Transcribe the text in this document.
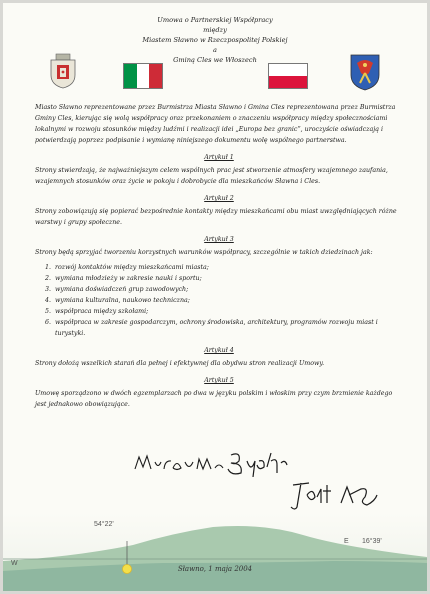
Umowa o Partnerskiej Współpracy

między
Miastem Sławno w Rzeczpospolitej Polskiej
a
Gminą Cles we Włoszech

Miasto Sławno reprezentowane przez Burmistrza Miasta Sławno i Gmina Cles reprezentowana przez Burmistrza Gminy Cles, kierując się wolą współpracy oraz przekonaniem o znaczeniu współpracy między społecznościami lokalnymi w rozwoju stosunków między ludźmi i realizacji idei „Europa bez granic”, uroczyście oświadczają i potwierdzają poprzez podpisanie i wymianę niniejszego dokumentu wolę wspólnego partnerstwa.

Artykuł 1

Strony stwierdzają, że najważniejszym celem wspólnych prac jest stworzenie atmosfery wzajemnego zaufania, wzajemnych stosunków oraz życie w pokoju i dobrobycie dla mieszkańców Sławna i Cles.

Artykuł 2

Strony zobowiązują się popierać bezpośrednie kontakty między mieszkańcami obu miast uwzględniających różne warstwy i grupy społeczne.

Artykuł 3

Strony będą sprzyjać tworzeniu korzystnych warunków współpracy, szczególnie w takich dziedzinach jak:

1. rozwój kontaktów między mieszkańcami miasta;
2. wymiana młodzieży w zakresie nauki i sportu;
3. wymiana doświadczeń grup zawodowych;
4. wymiana kulturalna, naukowo techniczna;
5. współpraca między szkołami;
6. współpraca w zakresie gospodarczym, ochrony środowiska, architektury, programów rozwoju miast i turystyki.
Artykuł 4

Strony dołożą wszelkich starań dla pełnej i efektywnej dla obydwu stron realizacji Umowy.

Artykuł 5

Umowę sporządzono w dwóch egzemplarzach po dwa w języku polskim i włoskim przy czym brzmienie każdego jest jednakowo obowiązujące.

54°22'
W
E 16°39'
Sławno, 1 maja 2004
